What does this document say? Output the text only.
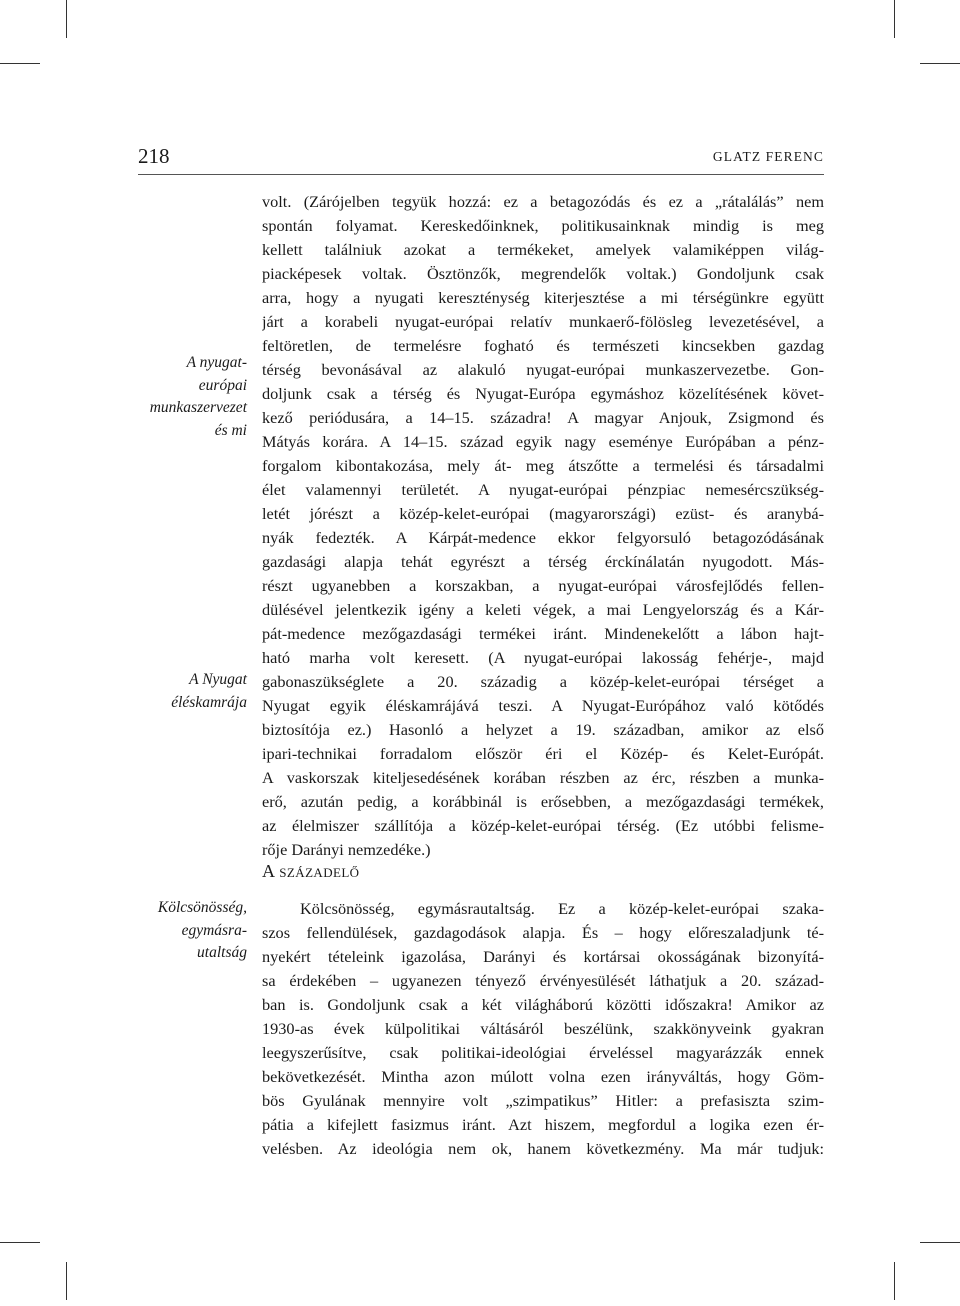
218	GLATZ FERENC
A nyugat-
európai
munkaszervezet
és mi
A Nyugat
éléskamrája
Kölcsönösség,
egymásra-
utaltság
volt. (Zárójelben tegyük hozzá: ez a betagozódás és ez a „rátalálás” nem
spontán folyamat. Kereskedőinknek, politikusainknak mindig is meg
kellett találniuk azokat a termékeket, amelyek valamiképpen világ-
piacképesek voltak. Ösztönzők, megrendelők voltak.) Gondoljunk csak
arra, hogy a nyugati kereszténység kiterjesztése a mi térségünkre együtt
járt a korabeli nyugat-európai relatív munkaerő-fölösleg levezetésével, a
feltöretlen, de termelésre fogható és természeti kincsekben gazdag
térség bevonásával az alakuló nyugat-európai munkaszervezetbe. Gon-
doljunk csak a térség és Nyugat-Európa egymáshoz közelítésének követ-
kező periódusára, a 14–15. századra! A magyar Anjouk, Zsigmond és
Mátyás korára. A 14–15. század egyik nagy eseménye Európában a pénz-
forgalom kibontakozása, mely át- meg átszőtte a termelési és társadalmi
élet valamennyi területét. A nyugat-európai pénzpiac nemesércszükség-
letét jórészt a közép-kelet-európai (magyarországi) ezüst- és aranybá-
nyák fedezték. A Kárpát-medence ekkor felgyorsuló betagozódásának
gazdasági alapja tehát egyrészt a térség érckínálatán nyugodott. Más-
részt ugyanebben a korszakban, a nyugat-európai városfejlődés fellen-
dülésével jelentkezik igény a keleti végek, a mai Lengyelország és a Kár-
pát-medence mezőgazdasági termékei iránt. Mindenekelőtt a lábon hajt-
ható marha volt keresett. (A nyugat-európai lakosság fehérje-, majd
gabonaszükséglete a 20. századig a közép-kelet-európai térséget a
Nyugat egyik éléskamrájává teszi. A Nyugat-Európához való kötődés
biztosítója ez.) Hasonló a helyzet a 19. században, amikor az első
ipari-technikai forradalom először éri el Közép- és Kelet-Európát.
A vaskorszak kiteljesedésének korában részben az érc, részben a munka-
erő, azután pedig, a korábbinál is erősebben, a mezőgazdasági termékek,
az élelmiszer szállítója a közép-kelet-európai térség. (Ez utóbbi felisme-
rője Darányi nemzedéke.)
A századelő
Kölcsönösség, egymásrautaltság. Ez a közép-kelet-európai szaka-
szos fellendülések, gazdagodások alapja. És – hogy előreszaladjunk té-
nyekért tételeink igazolása, Darányi és kortársai okosságának bizonyítá-
sa érdekében – ugyanezen tényező érvényesülését láthatjuk a 20. század-
ban is. Gondoljunk csak a két világháború közötti időszakra! Amikor az
1930-as évek külpolitikai váltásáról beszélünk, szakkönyveink gyakran
leegyszerűsítve, csak politikai-ideológiai érveléssel magyarázzák ennek
bekövetkezését. Mintha azon múlott volna ezen irányváltás, hogy Göm-
bös Gyulának mennyire volt „szimpatikus” Hitler: a prefasiszta szim-
pátia a kifejlett fasizmus iránt. Azt hiszem, megfordul a logika ezen ér-
velésben. Az ideológia nem ok, hanem következmény. Ma már tudjuk:
